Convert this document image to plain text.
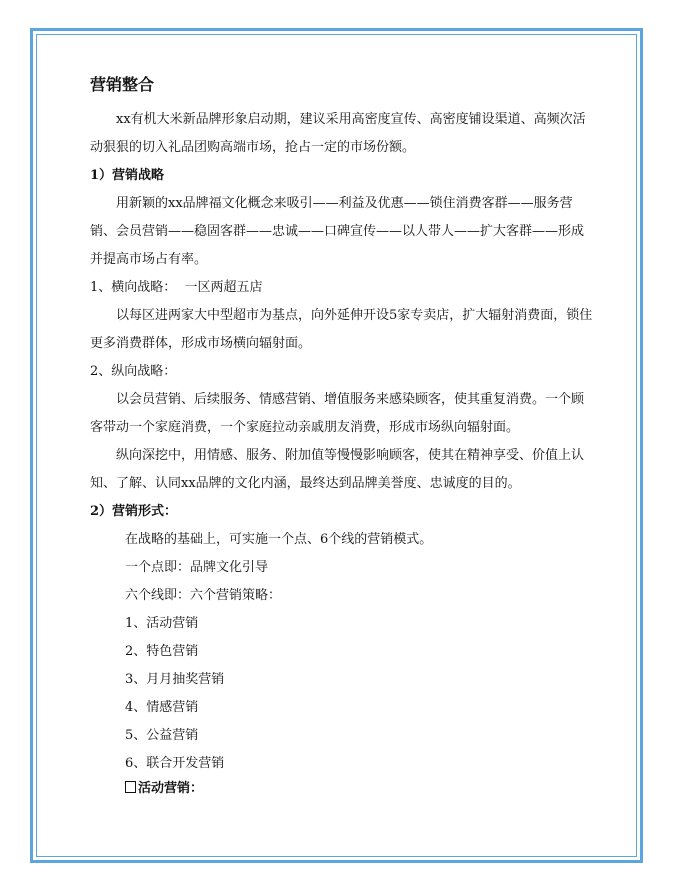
营销整合

xx有机大米新品牌形象启动期，建议采用高密度宣传、高密度铺设渠道、高频次活动狠狠的切入礼品团购高端市场，抢占一定的市场份额。

1）营销战略

用新颖的xx品牌福文化概念来吸引——利益及优惠——锁住消费客群——服务营销、会员营销——稳固客群——忠诚——口碑宣传——以人带人——扩大客群——形成并提高市场占有率。

1、横向战略：  一区两超五店

以每区进两家大中型超市为基点，向外延伸开设5家专卖店，扩大辐射消费面，锁住更多消费群体，形成市场横向辐射面。

2、纵向战略：

以会员营销、后续服务、情感营销、增值服务来感染顾客，使其重复消费。一个顾客带动一个家庭消费，一个家庭拉动亲戚朋友消费，形成市场纵向辐射面。

纵向深挖中，用情感、服务、附加值等慢慢影响顾客，使其在精神享受、价值上认知、了解、认同xx品牌的文化内涵，最终达到品牌美誉度、忠诚度的目的。

2）营销形式：

在战略的基础上，可实施一个点、6个线的营销模式。

一个点即：品牌文化引导

六个线即：六个营销策略：

1、活动营销

2、特色营销

3、月月抽奖营销

4、情感营销

5、公益营销

6、联合开发营销

活动营销：
